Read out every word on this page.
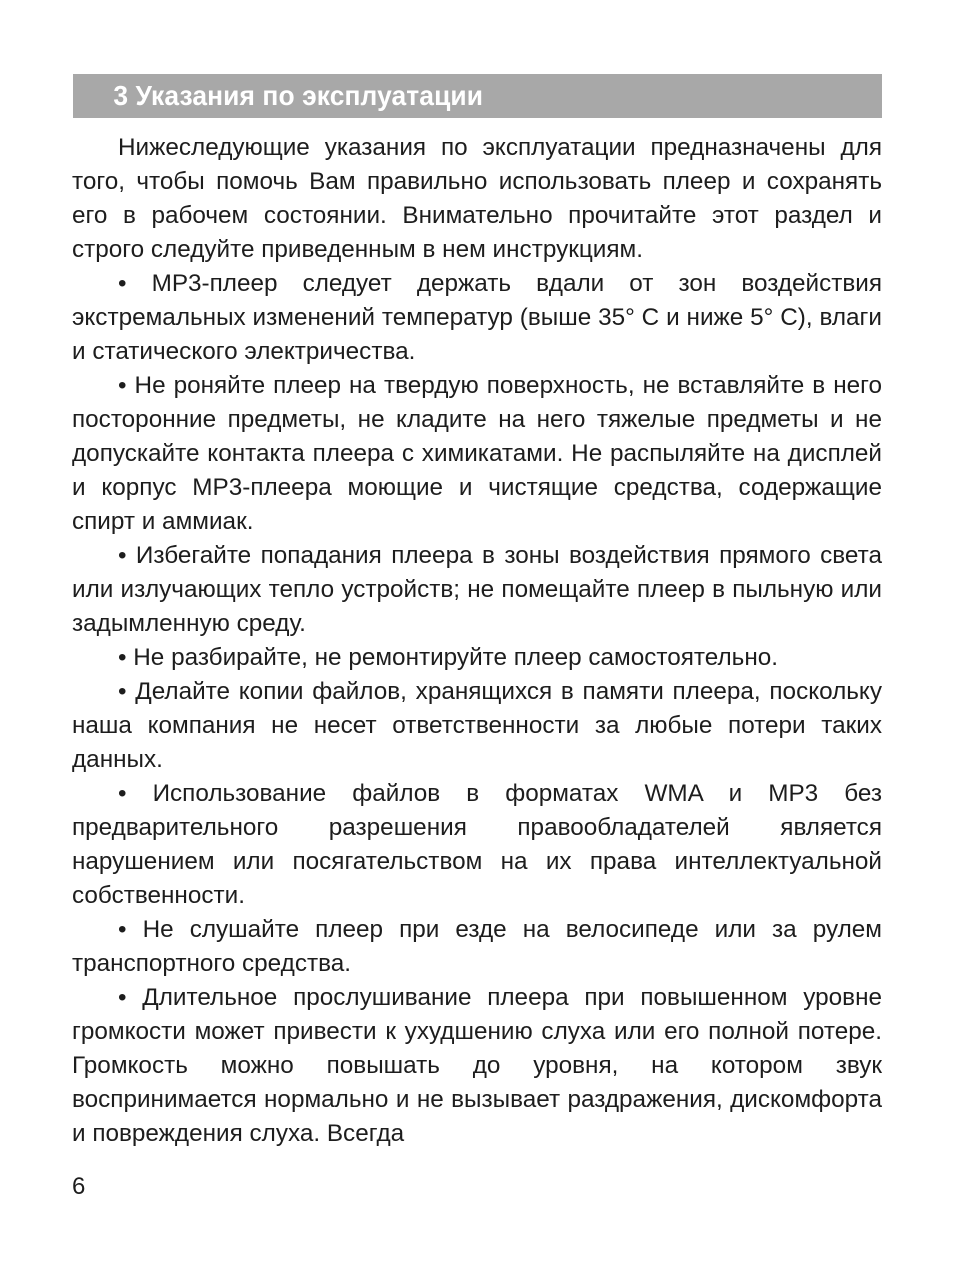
3 Указания по эксплуатации

Нижеследующие указания по эксплуатации предназначены для того, чтобы помочь Вам правильно использовать плеер и сохранять его в рабочем состоянии. Внимательно прочитайте этот раздел и строго следуйте приведенным в нем инструкциям.

• MP3-плеер следует держать вдали от зон воздействия экстремальных изменений температур (выше 35° С и ниже 5° С), влаги и статического электричества.

• Не роняйте плеер на твердую поверхность, не вставляйте в него посторонние предметы, не кладите на него тяжелые предметы и не допускайте контакта плеера с химикатами. Не распыляйте на дисплей и корпус MP3-плеера моющие и чистящие средства, содержащие спирт и аммиак.

• Избегайте попадания плеера в зоны воздействия прямого света или излучающих тепло устройств; не помещайте плеер в пыльную или задымленную среду.

• Не разбирайте, не ремонтируйте плеер самостоятельно.

• Делайте копии файлов, хранящихся в памяти плеера, поскольку наша компания не несет ответственности за любые потери таких данных.

• Использование файлов в форматах WMA и MP3 без предварительного разрешения правообладателей является нарушением или посягательством на их права интеллектуальной собственности.

• Не слушайте плеер при езде на велосипеде или за рулем транспортного средства.

• Длительное прослушивание плеера при повышенном уровне громкости может привести к ухудшению слуха или его полной потере. Громкость можно повышать до уровня, на котором звук воспринимается нормально и не вызывает раздражения, дискомфорта и повреждения слуха. Всегда

6
